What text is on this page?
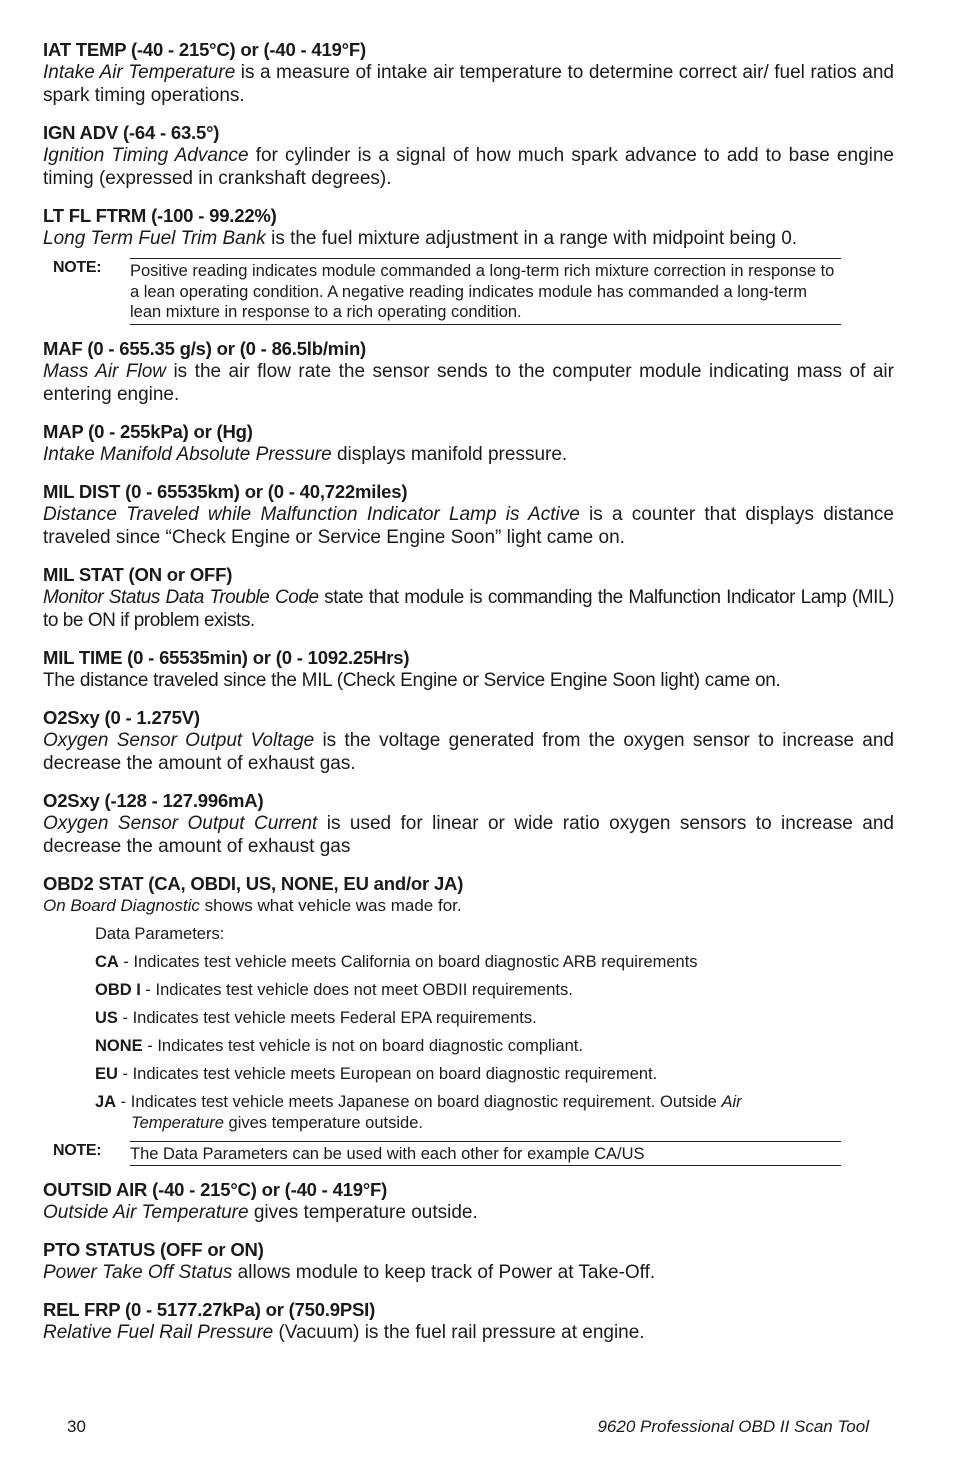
IAT TEMP (-40 - 215°C) or (-40 - 419°F)
Intake Air Temperature is a measure of intake air temperature to determine correct air/ fuel ratios and spark timing operations.
IGN ADV (-64 - 63.5°)
Ignition Timing Advance for cylinder is a signal of how much spark advance to add to base engine timing (expressed in crankshaft degrees).
LT FL FTRM (-100 - 99.22%)
Long Term Fuel Trim Bank is the fuel mixture adjustment in a range with midpoint being 0.
NOTE: Positive reading indicates module commanded a long-term rich mixture correction in response to a lean operating condition. A negative reading indicates module has commanded a long-term lean mixture in response to a rich operating condition.
MAF (0 - 655.35 g/s) or (0 - 86.5lb/min)
Mass Air Flow is the air flow rate the sensor sends to the computer module indicating mass of air entering engine.
MAP (0 - 255kPa) or (Hg)
Intake Manifold Absolute Pressure displays manifold pressure.
MIL DIST (0 - 65535km) or (0 - 40,722miles)
Distance Traveled while Malfunction Indicator Lamp is Active is a counter that displays distance traveled since “Check Engine or Service Engine Soon” light came on.
MIL STAT (ON or OFF)
Monitor Status Data Trouble Code state that module is commanding the Malfunction Indicator Lamp (MIL) to be ON if problem exists.
MIL TIME (0 - 65535min) or (0 - 1092.25Hrs)
The distance traveled since the MIL (Check Engine or Service Engine Soon light) came on.
O2Sxy (0 - 1.275V)
Oxygen Sensor Output Voltage is the voltage generated from the oxygen sensor to increase and decrease the amount of exhaust gas.
O2Sxy (-128 - 127.996mA)
Oxygen Sensor Output Current is used for linear or wide ratio oxygen sensors to increase and decrease the amount of exhaust gas
OBD2 STAT (CA, OBDI, US, NONE, EU and/or JA)
On Board Diagnostic shows what vehicle was made for.
Data Parameters:
CA - Indicates test vehicle meets California on board diagnostic ARB requirements
OBD I - Indicates test vehicle does not meet OBDII requirements.
US - Indicates test vehicle meets Federal EPA requirements.
NONE - Indicates test vehicle is not on board diagnostic compliant.
EU - Indicates test vehicle meets European on board diagnostic requirement.
JA - Indicates test vehicle meets Japanese on board diagnostic requirement. Outside Air
Temperature gives temperature outside.
NOTE: The Data Parameters can be used with each other for example CA/US
OUTSID AIR (-40 - 215°C) or (-40 - 419°F)
Outside Air Temperature gives temperature outside.
PTO STATUS (OFF or ON)
Power Take Off Status allows module to keep track of Power at Take-Off.
REL FRP (0 - 5177.27kPa) or (750.9PSI)
Relative Fuel Rail Pressure (Vacuum) is the fuel rail pressure at engine.
30	9620 Professional OBD II Scan Tool
